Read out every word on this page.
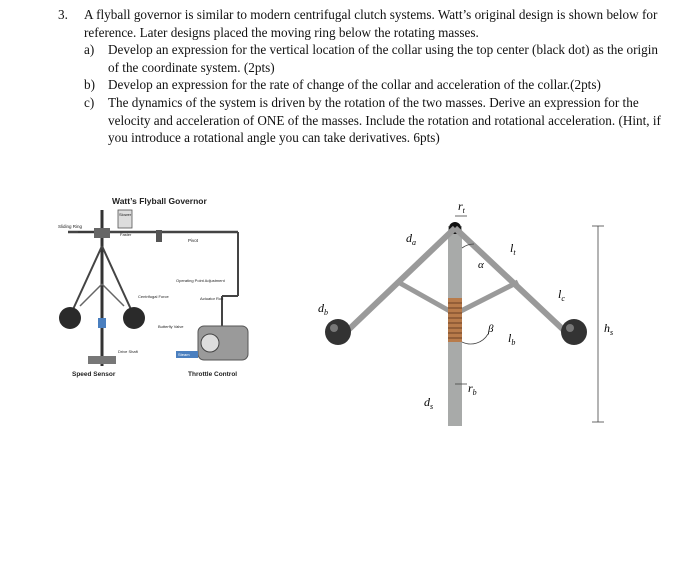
3.	A flyball governor is similar to modern centrifugal clutch systems. Watt’s original design is shown below for reference. Later designs placed the moving ring below the rotating masses.

a) Develop an expression for the vertical location of the collar using the top center (black dot) as the origin of the coordinate system. (2pts)

b) Develop an expression for the rate of change of the collar and acceleration of the collar.(2pts)

c) The dynamics of the system is driven by the rotation of the two masses. Derive an expression for the velocity and acceleration of ONE of the masses. Include the rotation and rotational acceleration. (Hint, if you introduce a rotational angle you can take derivatives. 6pts)

Watt’s Flyball Governor
Sliding Ring
Slower
Faster
Pivot
Operating Point Adjustment
Actuator Rod
Centrifugal Force
Butterfly Valve
Drive Shaft
Steam
Speed Sensor	Throttle Control
$r_t$
$d_a$	$l_t$
α
$d_b$
$l_c$
β
$l_b$
$h_s$
$r_b$
$d_s$
